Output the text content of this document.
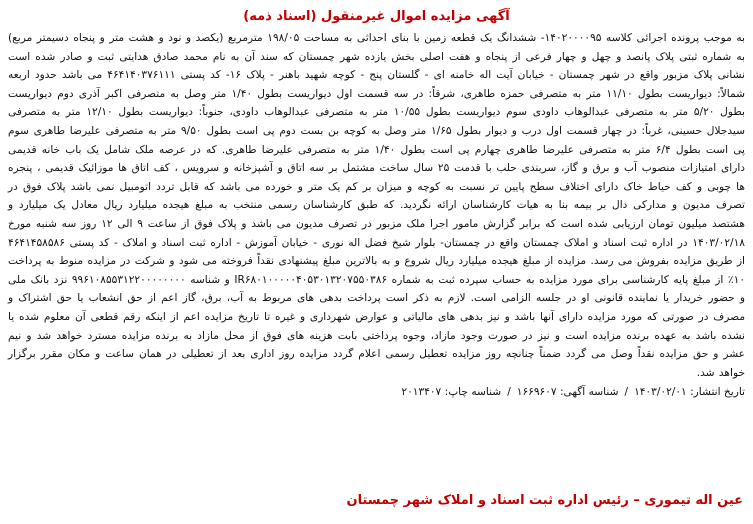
آگهی مزایده اموال غیرمنقول (اسناد ذمه)

به موجب پرونده اجرائی کلاسه ۱۴۰۲۰۰۰۰۹۵- ششدانگ یک قطعه زمین با بنای احداثی به مساحت ۱۹۸/۰۵ مترمربع (یکصد و نود و هشت متر و پنجاه دسیمتر مربع) به شماره ثبتی پلاک پانصد و چهل و چهار فرعی از پنجاه و هفت اصلی بخش یازده شهر چمستان که سند آن به نام محمد صادق هدایتی ثبت و صادر شده است نشانی پلاک مزبور واقع در شهر چمستان - خیابان آیت اله خامنه ای - گلستان پنج - کوچه شهید باهنر - پلاک ۱۶- کد پستی ۴۶۴۱۴۰۳۷۶۱۱۱ می باشد حدود اربعه شمالاً: دیواریست بطول ۱۱/۱۰ متر به متصرفی حمزه طاهری، شرقاً: در سه قسمت اول دیواریست بطول ۱/۴۰ متر وصل به متصرفی اکبر آذری دوم دیواریست بطول ۵/۲۰ متر به متصرفی عبدالوهاب داودی سوم دیواریست بطول ۱۰/۵۵ متر به متصرفی عبدالوهاب داودی، جنوباً: دیواریست بطول ۱۲/۱۰ متر به متصرفی سیدجلال حسینی، غرباً: در چهار قسمت اول درب و دیوار بطول ۱/۶۵ متر وصل به کوچه بن بست دوم پی است بطول ۹/۵۰ متر به متصرفی علیرضا طاهری سوم پی است بطول ۶/۴ متر به متصرفی علیرضا طاهری چهارم پی است بطول ۱/۴۰ متر به متصرفی علیرضا طاهری. که در عرصه ملک شامل یک باب خانه قدیمی دارای امتیازات منصوب آب و برق و گاز، سربندی حلب با قدمت ۲۵ سال ساخت مشتمل بر سه اتاق و آشپزخانه و سرویس ، کف اتاق ها موزائیک قدیمی ، پنجره ها چوبی و کف حیاط خاک دارای اختلاف سطح پایین تر نسبت به کوچه و میزان بر کم یک متر و خورده می باشد که قابل تردد اتومبیل نمی باشد پلاک فوق در تصرف مدیون و مدارکی دال بر بیمه بنا به هیات کارشناسان ارائه نگردید. که طبق کارشناسان رسمی منتخب به مبلغ هیجده میلیارد ریال معادل یک میلیارد و هشتصد میلیون تومان ارزیابی شده است که برابر گزارش مامور اجرا ملک مزبور در تصرف مدیون می باشد و پلاک فوق از ساعت ۹ الی ۱۲ روز سه شنبه مورخ ۱۴۰۳/۰۲/۱۸ در اداره ثبت اسناد و املاک چمستان واقع در چمستان- بلوار شیخ فضل اله نوری - خیابان آموزش - اداره ثبت اسناد و املاک - کد پستی ۴۶۴۱۴۵۸۵۸۶ از طریق مزایده بفروش می رسد. مزایده از مبلغ هیجده میلیارد ریال شروع و به بالاترین مبلغ پیشنهادی نقداً فروخته می شود و شرکت در مزایده منوط به پرداخت ۱۰٪ از مبلغ پایه کارشناسی برای مورد مزایده به حساب سپرده ثبت به شماره IR۶۸۰۱۰۰۰۰۰۴۰۵۳۰۱۳۲۰۷۵۵۰۳۸۶ و شناسه ۹۹۶۱۰۸۵۵۳۱۲۲۰۰۰۰۰۰۰۰ نزد بانک ملی و حضور خریدار یا نماینده قانونی او در جلسه الزامی است. لازم به ذکر است پرداخت بدهی های مربوط به آب، برق، گاز اعم از حق انشعاب یا حق اشتراک و مصرف در صورتی که مورد مزایده دارای آنها باشد و نیز بدهی های مالیاتی و عوارض شهرداری و غیره تا تاریخ مزایده اعم از اینکه رقم قطعی آن معلوم شده یا نشده باشد به عهده برنده مزایده است و نیز در صورت وجود مازاد، وجوه پرداختی بابت هزینه های فوق از محل مازاد به برنده مزایده مسترد خواهد شد و نیم عشر و حق مزایده نقداً وصل می گردد ضمناً چنانچه روز مزایده تعطیل رسمی اعلام گردد مزایده روز اداری بعد از تعطیلی در همان ساعت و مکان مقرر برگزار خواهد شد.

تاریخ انتشار: ۱۴۰۳/۰۲/۰۱
/
شناسه آگهی: ۱۶۶۹۶۰۷
/
شناسه چاپ: ۲۰۱۳۴۰۷
عین اله تیموری – رئیس اداره ثبت اسناد و املاک شهر چمستان
